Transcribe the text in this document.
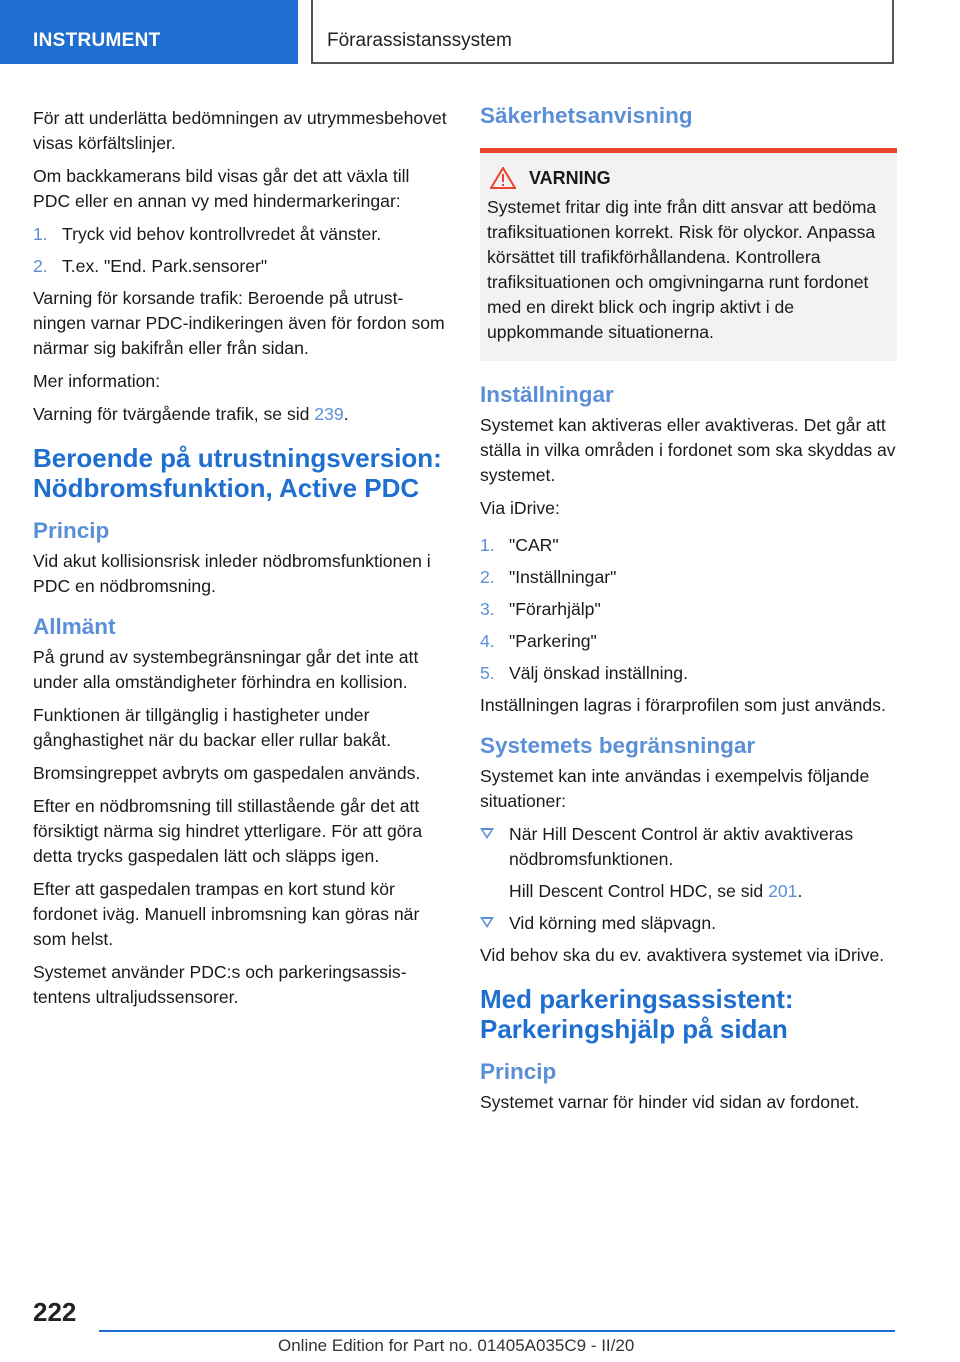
INSTRUMENT	Förarassistanssystem

För att underlätta bedömningen av utrymmesbehovet visas körfältslinjer.

Om backkamerans bild visas går det att växla till PDC eller en annan vy med hindermarkeringar:

1. Tryck vid behov kontrollvredet åt vänster.
2. T.ex. "End. Park.sensorer"

Varning för korsande trafik: Beroende på utrustningen varnar PDC-indikeringen även för fordon som närmar sig bakifrån eller från sidan.

Mer information:

Varning för tvärgående trafik, se sid 239.

Beroende på utrustningsversion: Nödbromsfunktion, Active PDC
Princip

Vid akut kollisionsrisk inleder nödbromsfunktionen i PDC en nödbromsning.

Allmänt

På grund av systembegränsningar går det inte att under alla omständigheter förhindra en kollision.

Funktionen är tillgänglig i hastigheter under gånghastighet när du backar eller rullar bakåt.

Bromsingreppet avbryts om gaspedalen används.

Efter en nödbromsning till stillastående går det att försiktigt närma sig hindret ytterligare. För att göra detta trycks gaspedalen lätt och släpps igen.

Efter att gaspedalen trampas en kort stund kör fordonet iväg. Manuell inbromsning kan göras när som helst.

Systemet använder PDC:s och parkeringsassistentens ultraljudssensorer.

Säkerhetsanvisning
VARNING

Systemet fritar dig inte från ditt ansvar att bedöma trafiksituationen korrekt. Risk för olyckor. Anpassa körsättet till trafikförhållandena. Kontrollera trafiksituationen och omgivningarna runt fordonet med en direkt blick och ingrip aktivt i de uppkommande situationerna.

Inställningar

Systemet kan aktiveras eller avaktiveras. Det går att ställa in vilka områden i fordonet som ska skyddas av systemet.

Via iDrive:

1. "CAR"
2. "Inställningar"
3. "Förarhjälp"
4. "Parkering"
5. Välj önskad inställning.

Inställningen lagras i förarprofilen som just används.

Systemets begränsningar

Systemet kan inte användas i exempelvis följande situationer:

När Hill Descent Control är aktiv avaktiveras nödbromsfunktionen.
Hill Descent Control HDC, se sid 201.
Vid körning med släpvagn.

Vid behov ska du ev. avaktivera systemet via iDrive.

Med parkeringsassistent: Parkeringshjälp på sidan
Princip

Systemet varnar för hinder vid sidan av fordonet.

222
Online Edition for Part no. 01405A035C9 - II/20
